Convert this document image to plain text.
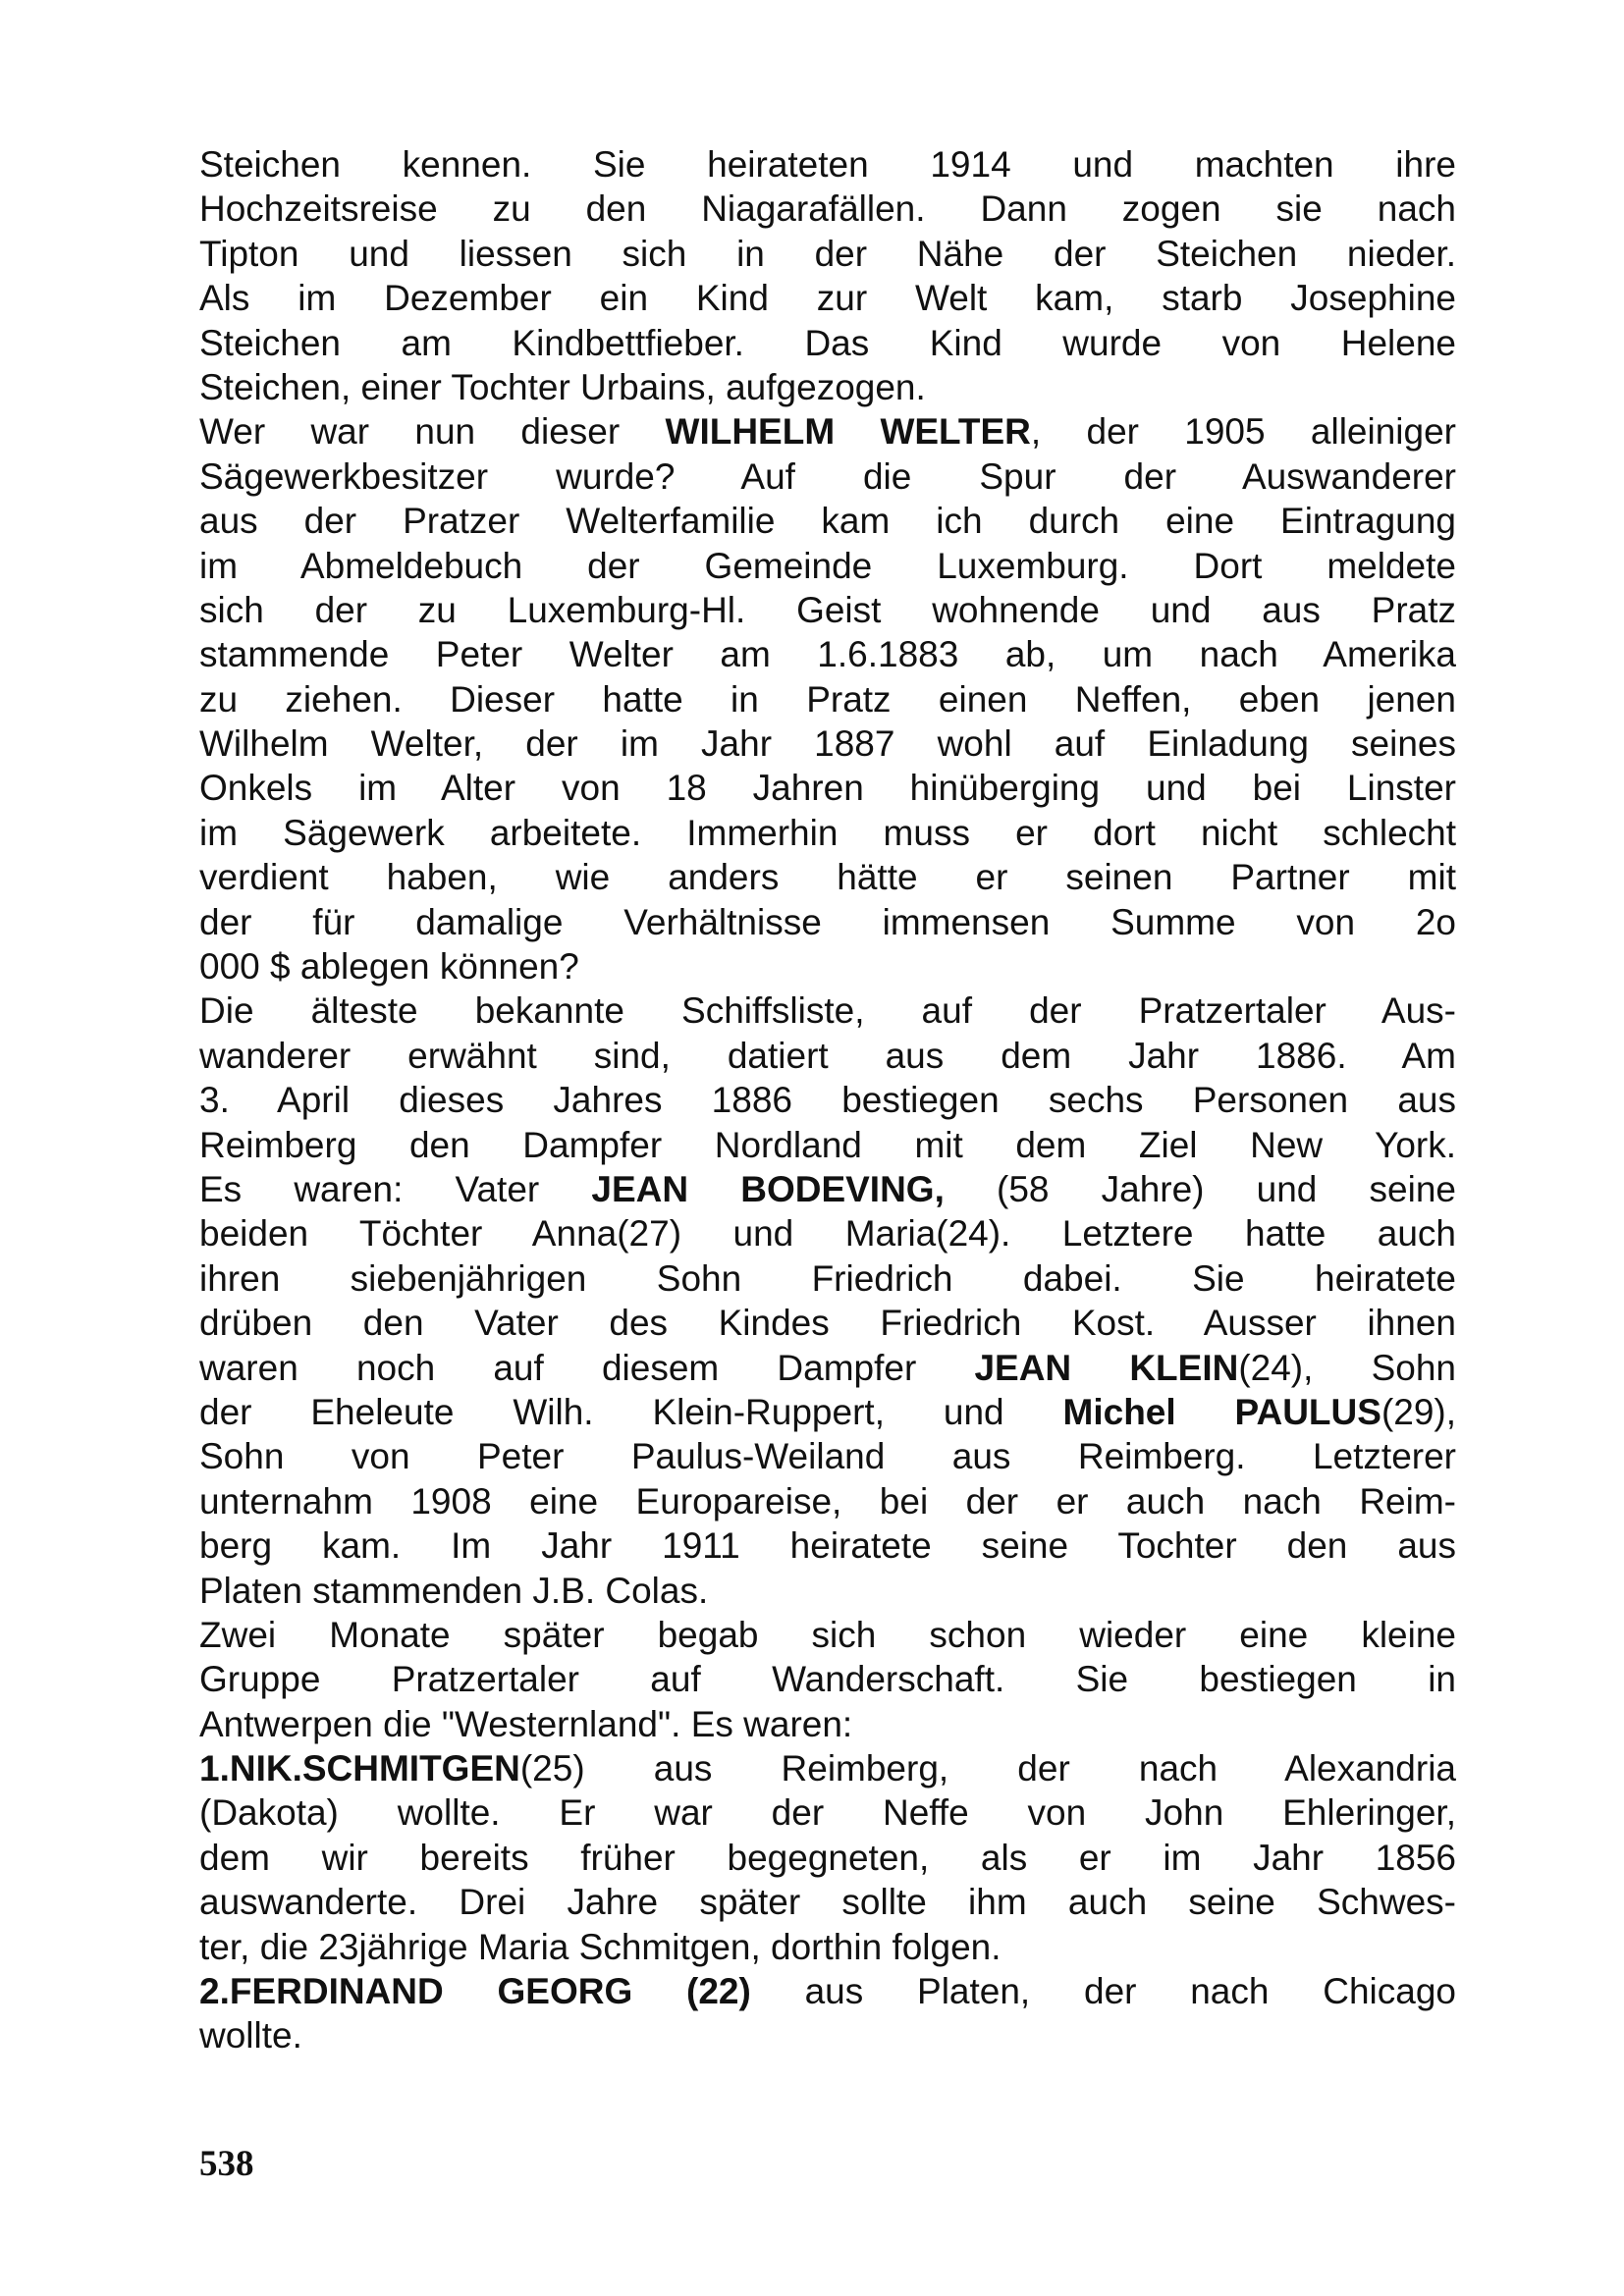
Steichen kennen. Sie heirateten 1914 und machten ihre
Hochzeitsreise zu den Niagarafällen. Dann zogen sie nach
Tipton und liessen sich in der Nähe der Steichen nieder.
Als im Dezember ein Kind zur Welt kam, starb Josephine
Steichen am Kindbettfieber. Das Kind wurde von Helene
Steichen, einer Tochter Urbains, aufgezogen.
Wer war nun dieser WILHELM WELTER, der 1905 alleiniger
Sägewerkbesitzer wurde? Auf die Spur der Auswanderer
aus der Pratzer Welterfamilie kam ich durch eine Eintragung
im Abmeldebuch der Gemeinde Luxemburg. Dort meldete
sich der zu Luxemburg-Hl. Geist wohnende und aus Pratz
stammende Peter Welter am 1.6.1883 ab, um nach Amerika
zu ziehen. Dieser hatte in Pratz einen Neffen, eben jenen
Wilhelm Welter, der im Jahr 1887 wohl auf Einladung seines
Onkels im Alter von 18 Jahren hinüberging und bei Linster
im Sägewerk arbeitete. Immerhin muss er dort nicht schlecht
verdient haben, wie anders hätte er seinen Partner mit
der für damalige Verhältnisse immensen Summe von 2o
000 $ ablegen können?
Die älteste bekannte Schiffsliste, auf der Pratzertaler Aus-
wanderer erwähnt sind, datiert aus dem Jahr 1886. Am
3. April dieses Jahres 1886 bestiegen sechs Personen aus
Reimberg den Dampfer Nordland mit dem Ziel New York.
Es waren: Vater JEAN BODEVING, (58 Jahre) und seine
beiden Töchter Anna(27) und Maria(24). Letztere hatte auch
ihren siebenjährigen Sohn Friedrich dabei. Sie heiratete
drüben den Vater des Kindes Friedrich Kost. Ausser ihnen
waren noch auf diesem Dampfer JEAN KLEIN(24), Sohn
der Eheleute Wilh. Klein-Ruppert, und Michel PAULUS(29),
Sohn von Peter Paulus-Weiland aus Reimberg. Letzterer
unternahm 1908 eine Europareise, bei der er auch nach Reim-
berg kam. Im Jahr 1911 heiratete seine Tochter den aus
Platen stammenden J.B. Colas.
Zwei Monate später begab sich schon wieder eine kleine
Gruppe Pratzertaler auf Wanderschaft. Sie bestiegen in
Antwerpen die "Westernland". Es waren:
1.NIK.SCHMITGEN(25) aus Reimberg, der nach Alexandria
(Dakota) wollte. Er war der Neffe von John Ehleringer,
dem wir bereits früher begegneten, als er im Jahr 1856
auswanderte. Drei Jahre später sollte ihm auch seine Schwes-
ter, die 23jährige Maria Schmitgen, dorthin folgen.
2.FERDINAND GEORG (22) aus Platen, der nach Chicago
wollte.
538
